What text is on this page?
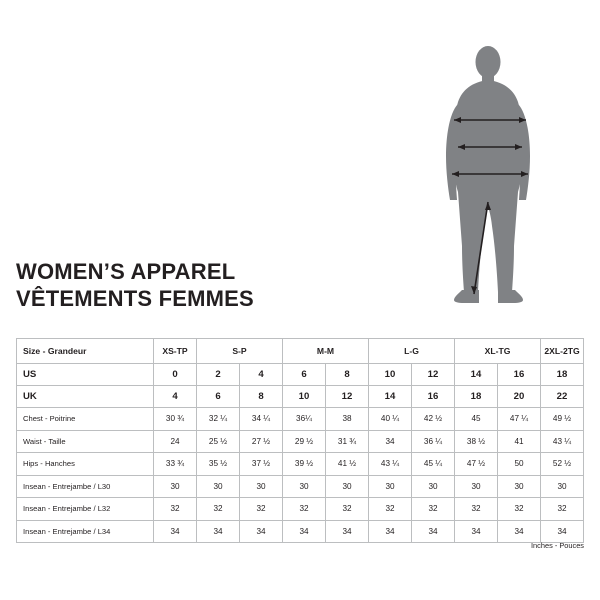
WOMEN’S APPAREL
VÊTEMENTS FEMMES
Size - Grandeur	XS-TP	S-P		M-M		L-G		XL-TG		2XL-2TG
US	0	2	4	6	8	10	12	14	16	18
UK	4	6	8	10	12	14	16	18	20	22
Chest - Poitrine	30 ¾	32 ¼	34 ¼	36¼	38	40 ¼	42 ½	45	47 ¼	49 ½
Waist - Taille	24	25 ½	27 ½	29 ½	31 ¾	34	36 ¼	38 ½	41	43 ¼
Hips - Hanches	33 ¾	35 ½	37 ½	39 ½	41 ½	43 ¼	45 ¼	47 ½	50	52 ½
Insean - Entrejambe / L30	30	30	30	30	30	30	30	30	30	30
Insean - Entrejambe / L32	32	32	32	32	32	32	32	32	32	32
Insean - Entrejambe / L34	34	34	34	34	34	34	34	34	34	34
Inches - Pouces
